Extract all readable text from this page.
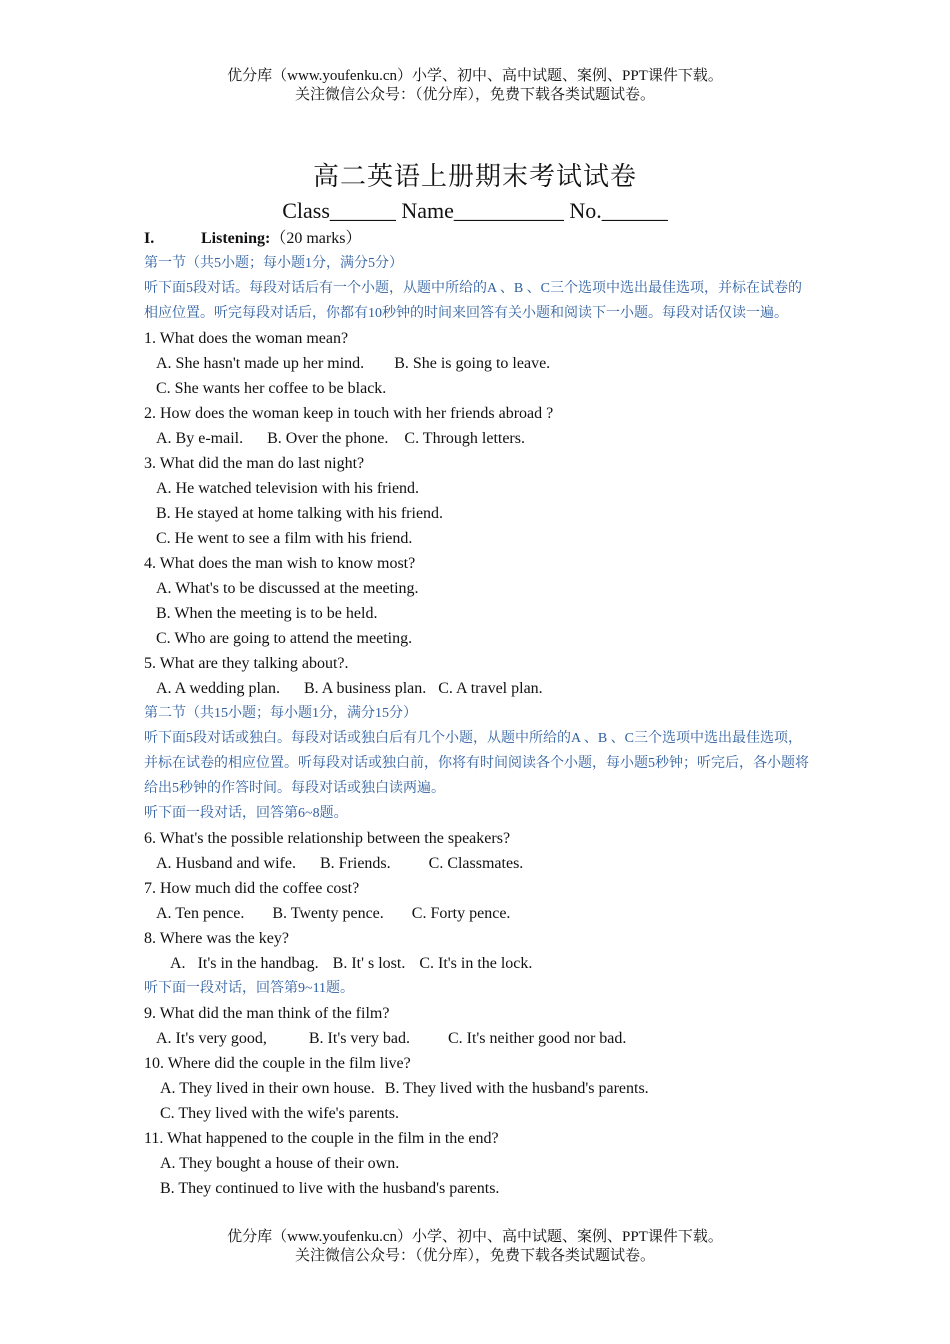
优分库（www.youfenku.cn）小学、初中、高中试题、案例、PPT课件下载。
关注微信公众号：（优分库），免费下载各类试题试卷。
高二英语上册期末考试试卷
Class______ Name__________ No.______
I.	Listening:（20 marks）
第一节（共5小题；每小题1分，满分5分）
听下面5段对话。每段对话后有一个小题，从题中所给的A 、B 、C三个选项中选出最佳选项，并标在试卷的相应位置。听完每段对话后，你都有10秒钟的时间来回答有关小题和阅读下一小题。每段对话仅读一遍。
1. What does the woman mean?
A. She hasn't made up her mind. B. She is going to leave.
C. She wants her coffee to be black.
2. How does the woman keep in touch with her friends abroad ?
A. By e-mail. B. Over the phone. C. Through letters.
3. What did the man do last night?
A. He watched television with his friend.
B. He stayed at home talking with his friend.
C. He went to see a film with his friend.
4. What does the man wish to know most?
A. What's to be discussed at the meeting.
B. When the meeting is to be held.
C. Who are going to attend the meeting.
5. What are they talking about?.
A. A wedding plan. B. A business plan. C. A travel plan.
第二节（共15小题；每小题1分，满分15分）
听下面5段对话或独白。每段对话或独白后有几个小题，从题中所给的A 、B 、C三个选项中选出最佳选项，并标在试卷的相应位置。听每段对话或独白前，你将有时间阅读各个小题，每小题5秒钟；听完后，各小题将给出5秒钟的作答时间。每段对话或独白读两遍。
听下面一段对话，回答第6~8题。
6. What's the possible relationship between the speakers?
A. Husband and wife. B. Friends. C. Classmates.
7. How much did the coffee cost?
A. Ten pence. B. Twenty pence. C. Forty pence.
8. Where was the key?
A. It's in the handbag. B. It' s lost. C. It's in the lock.
听下面一段对话，回答第9~11题。
9. What did the man think of the film?
A. It's very good,	B. It's very bad. C. It's neither good nor bad.
10. Where did the couple in the film live?
A. They lived in their own house. B. They lived with the husband's parents.
C. They lived with the wife's parents.
11. What happened to the couple in the film in the end?
A. They bought a house of their own.
B. They continued to live with the husband's parents.
优分库（www.youfenku.cn）小学、初中、高中试题、案例、PPT课件下载。
关注微信公众号：（优分库），免费下载各类试题试卷。
